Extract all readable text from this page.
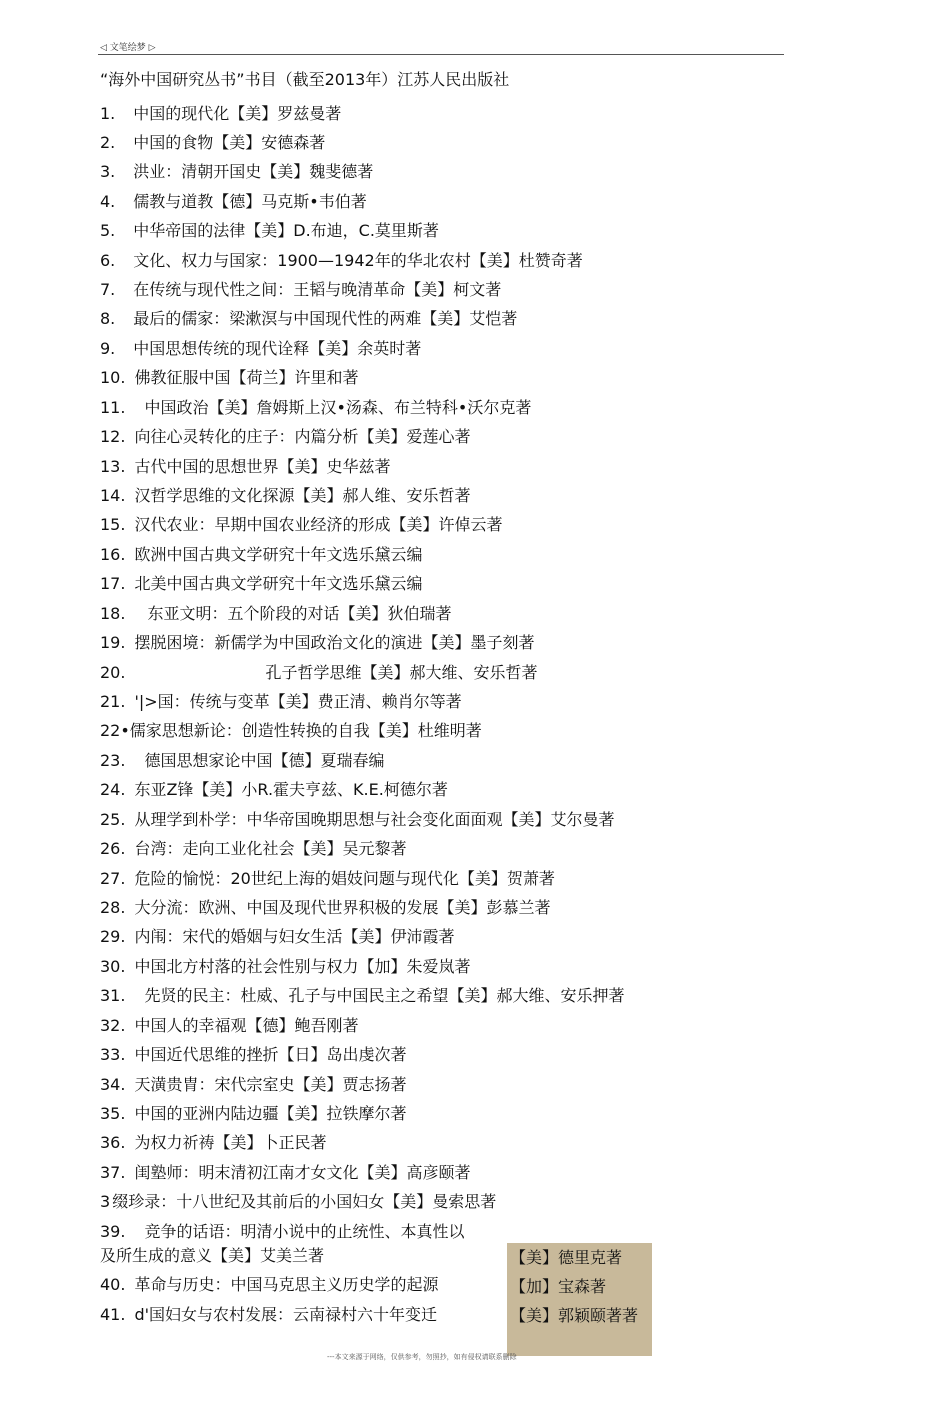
◁ 文笔绘梦 ▷
“海外中国研究丛书”书目（截至2013年）江苏人民出版社
1. 中国的现代化【美】罗兹曼著
2. 中国的食物【美】安德森著
3. 洪业：清朝开国史【美】魏斐德著
4. 儒教与道教【德】马克斯•韦伯著
5. 中华帝国的法律【美】D.布迪，C.莫里斯著
6. 文化、权力与国家：1900—1942年的华北农村【美】杜赞奇著
7. 在传统与现代性之间：王韬与晚清革命【美】柯文著
8. 最后的儒家：梁漱溟与中国现代性的两难【美】艾恺著
9. 中国思想传统的现代诠释【美】余英时著
10. 佛教征服中国【荷兰】许里和著
11. 中国政治【美】詹姆斯上汉•汤森、布兰特科•沃尔克著
12. 向往心灵转化的庄子：内篇分析【美】爱莲心著
13. 古代中国的思想世界【美】史华兹著
14. 汉哲学思维的文化探源【美】郝人维、安乐哲著
15. 汉代农业：早期中国农业经济的形成【美】许倬云著
16. 欧洲中国古典文学研究十年文选乐黛云编
17. 北美中国古典文学研究十年文选乐黛云编
18. 东亚文明：五个阶段的对话【美】狄伯瑞著
19. 摆脱困境：新儒学为中国政治文化的演进【美】墨子刻著
20.	孔子哲学思维【美】郝大维、安乐哲著
21. '|>国：传统与变革【美】费正清、赖肖尔等著
22•儒家思想新论：创造性转换的自我【美】杜维明著
23. 德国思想家论中国【德】夏瑞春编
24. 东亚Z锋【美】小R.霍夫亨兹、K.E.柯德尔著
25. 从理学到朴学：中华帝国晚期思想与社会变化面面观【美】艾尔曼著
26. 台湾：走向工业化社会【美】吴元黎著
27. 危险的愉悦：20世纪上海的娼妓问题与现代化【美】贺萧著
28. 大分流：欧洲、中国及现代世界积极的发展【美】彭慕兰著
29. 内闱：宋代的婚姻与妇女生活【美】伊沛霞著
30. 中国北方村落的社会性别与权力【加】朱爱岚著
31. 先贤的民主：杜威、孔子与中国民主之希望【美】郝大维、安乐押著
32. 中国人的幸福观【德】鲍吾刚著
33. 中国近代思维的挫折【日】岛出虔次著
34. 天潢贵胄：宋代宗室史【美】贾志扬著
35. 中国的亚洲内陆边疆【美】拉铁摩尔著
36. 为权力祈祷【美】卜正民著
37. 闺塾师：明末清初江南才女文化【美】高彦颐著
3 缀珍录：十八世纪及其前后的小国妇女【美】曼索思著
39. 竞争的话语：明清小说中的止统性、本真性以
及所生成的意义【美】艾美兰著
40. 革命与历史：中国马克思主义历史学的起源
41. d'国妇女与农村发展：云南禄村六十年变迁
【美】德里克著
【加】宝森著
【美】郭颖颐著著
---本文来源于网络，仅供参考，勿照抄，如有侵权请联系删除
